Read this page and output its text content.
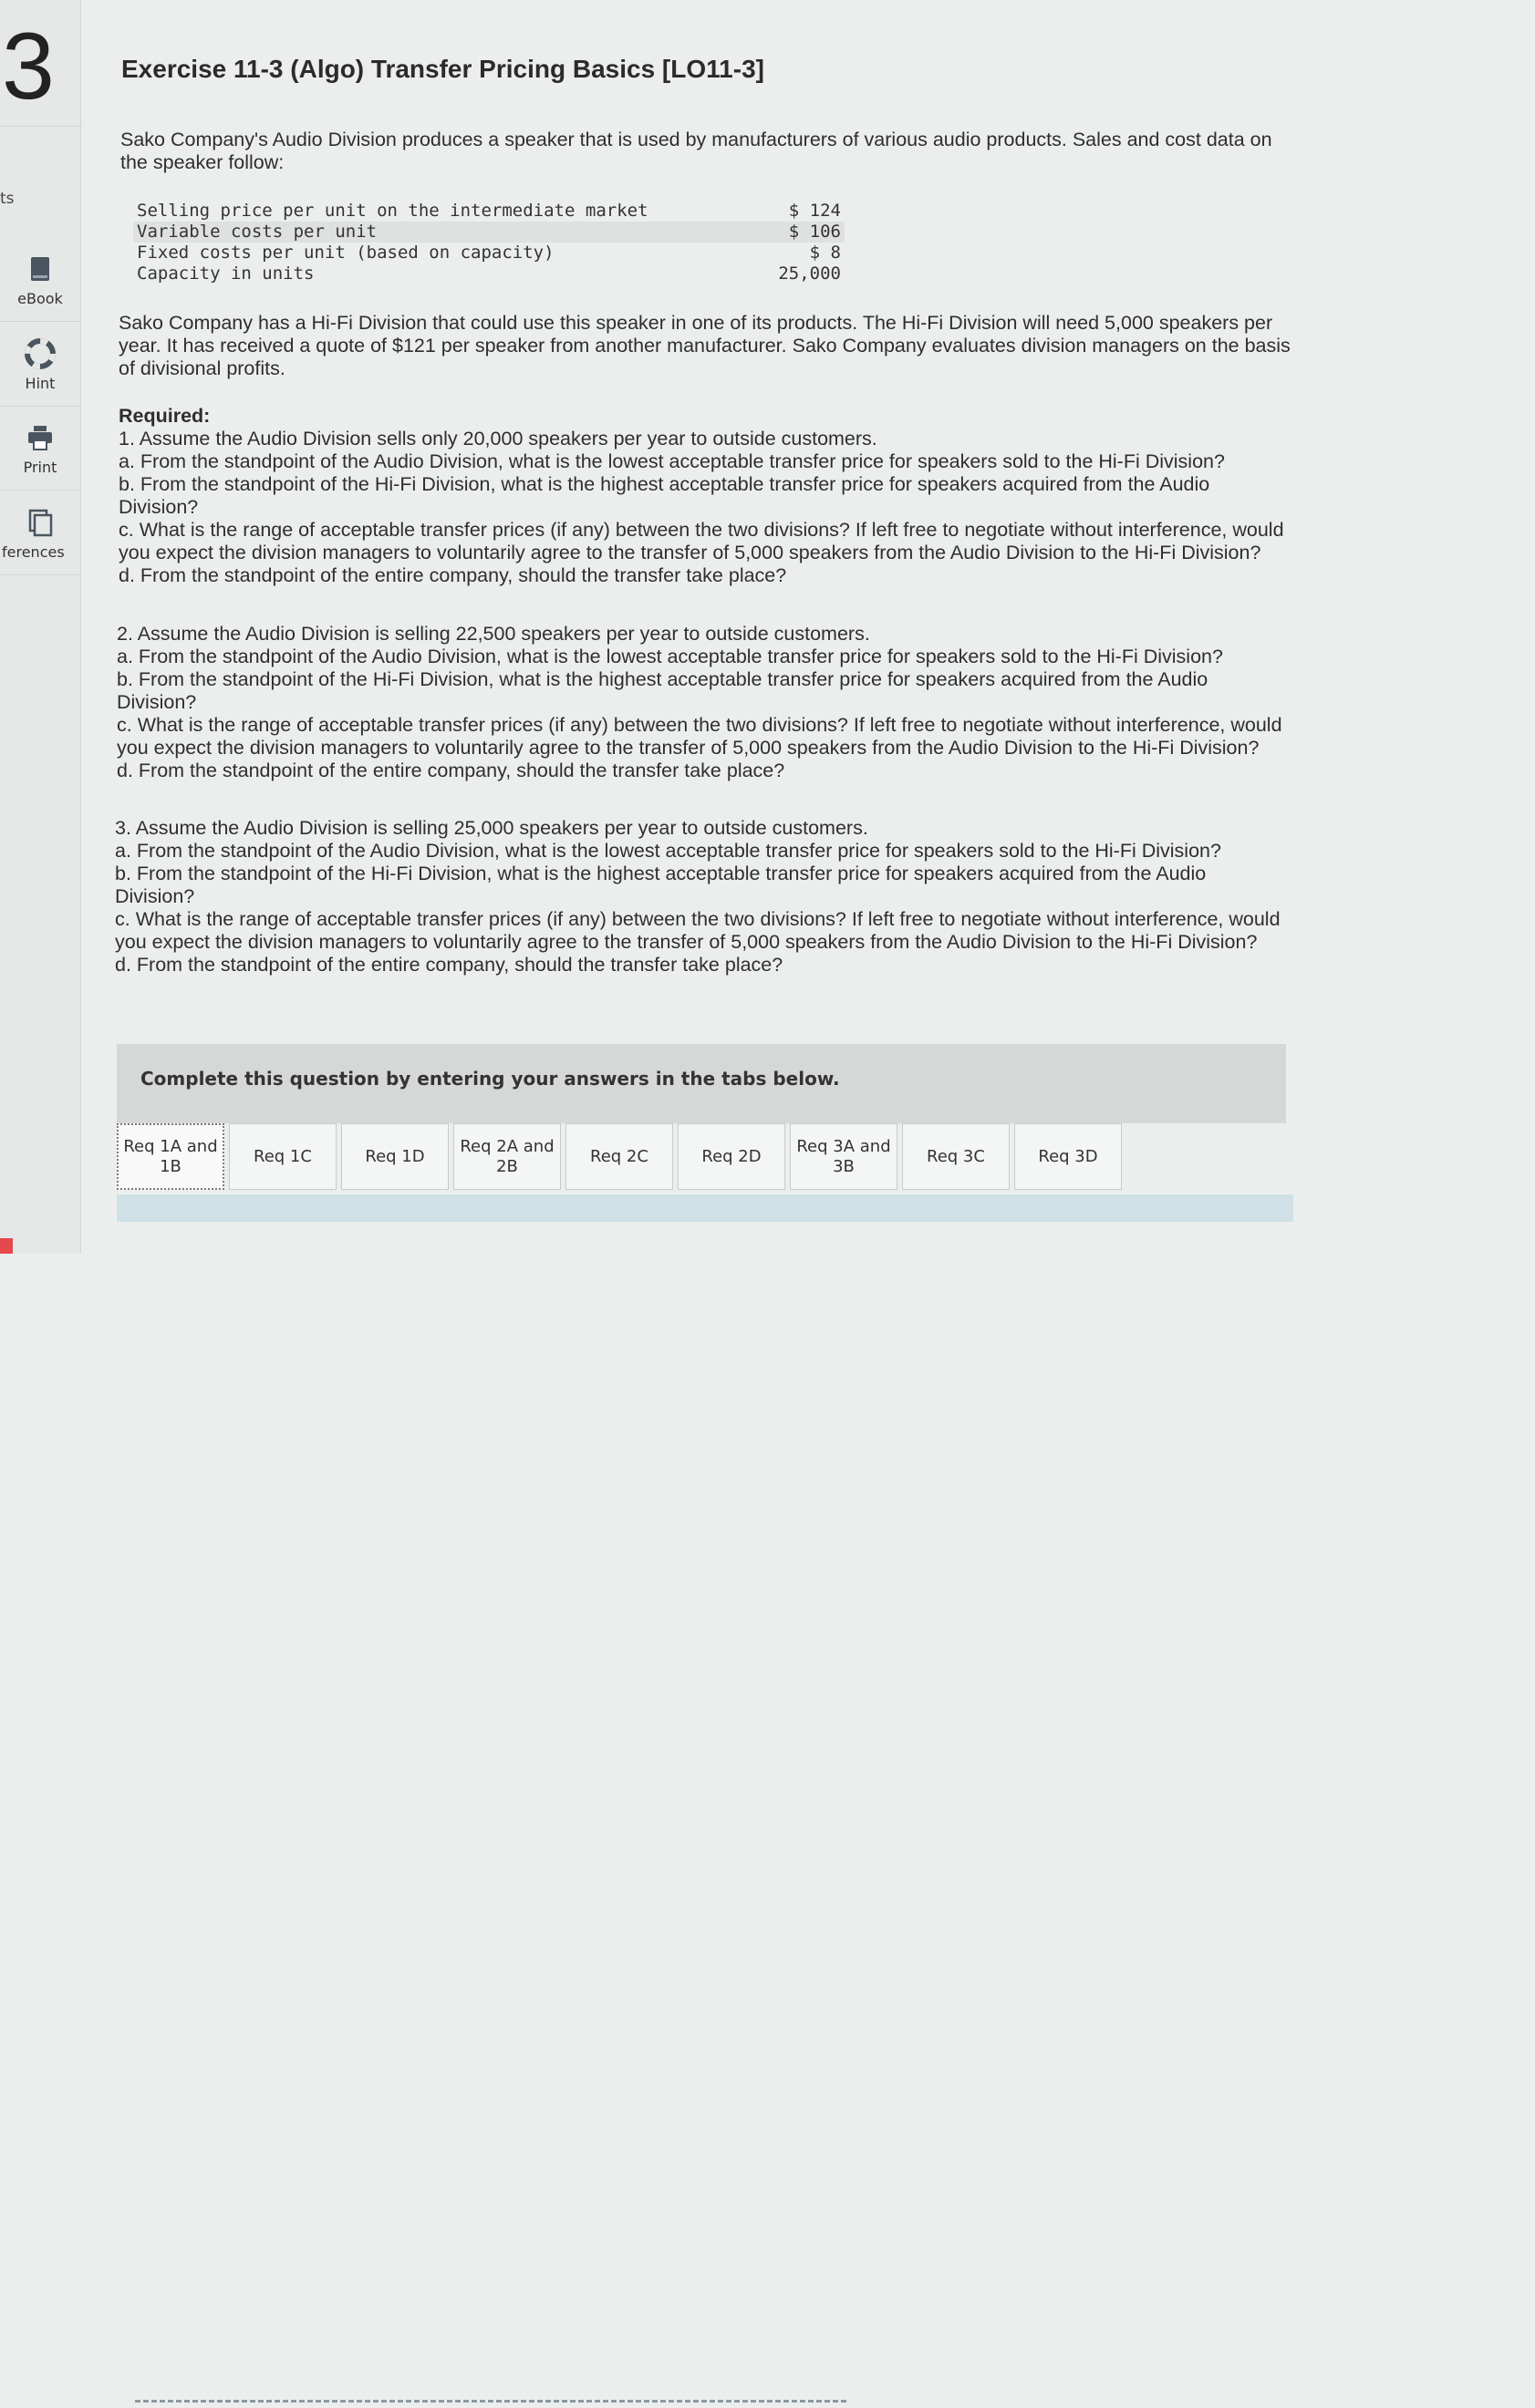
3
ts
eBook
Hint
Print
ferences
Exercise 11-3 (Algo) Transfer Pricing Basics [LO11-3]
Sako Company's Audio Division produces a speaker that is used by manufacturers of various audio products. Sales and cost data on
the speaker follow:
Selling price per unit on the intermediate market	$ 124
Variable costs per unit	$ 106
Fixed costs per unit (based on capacity)	$ 8
Capacity in units	25,000
Sako Company has a Hi-Fi Division that could use this speaker in one of its products. The Hi-Fi Division will need 5,000 speakers per
year. It has received a quote of $121 per speaker from another manufacturer. Sako Company evaluates division managers on the basis
of divisional profits.
Required:
1. Assume the Audio Division sells only 20,000 speakers per year to outside customers.
a. From the standpoint of the Audio Division, what is the lowest acceptable transfer price for speakers sold to the Hi-Fi Division?
b. From the standpoint of the Hi-Fi Division, what is the highest acceptable transfer price for speakers acquired from the Audio
Division?
c. What is the range of acceptable transfer prices (if any) between the two divisions? If left free to negotiate without interference, would
you expect the division managers to voluntarily agree to the transfer of 5,000 speakers from the Audio Division to the Hi-Fi Division?
d. From the standpoint of the entire company, should the transfer take place?
2. Assume the Audio Division is selling 22,500 speakers per year to outside customers.
a. From the standpoint of the Audio Division, what is the lowest acceptable transfer price for speakers sold to the Hi-Fi Division?
b. From the standpoint of the Hi-Fi Division, what is the highest acceptable transfer price for speakers acquired from the Audio
Division?
c. What is the range of acceptable transfer prices (if any) between the two divisions? If left free to negotiate without interference, would
you expect the division managers to voluntarily agree to the transfer of 5,000 speakers from the Audio Division to the Hi-Fi Division?
d. From the standpoint of the entire company, should the transfer take place?
3. Assume the Audio Division is selling 25,000 speakers per year to outside customers.
a. From the standpoint of the Audio Division, what is the lowest acceptable transfer price for speakers sold to the Hi-Fi Division?
b. From the standpoint of the Hi-Fi Division, what is the highest acceptable transfer price for speakers acquired from the Audio
Division?
c. What is the range of acceptable transfer prices (if any) between the two divisions? If left free to negotiate without interference, would
you expect the division managers to voluntarily agree to the transfer of 5,000 speakers from the Audio Division to the Hi-Fi Division?
d. From the standpoint of the entire company, should the transfer take place?
Complete this question by entering your answers in the tabs below.
Req 1A and 1B
Req 1C	Req 1D
Req 2A and 2B
Req 2C	Req 2D
Req 3A and 3B
Req 3C	Req 3D
